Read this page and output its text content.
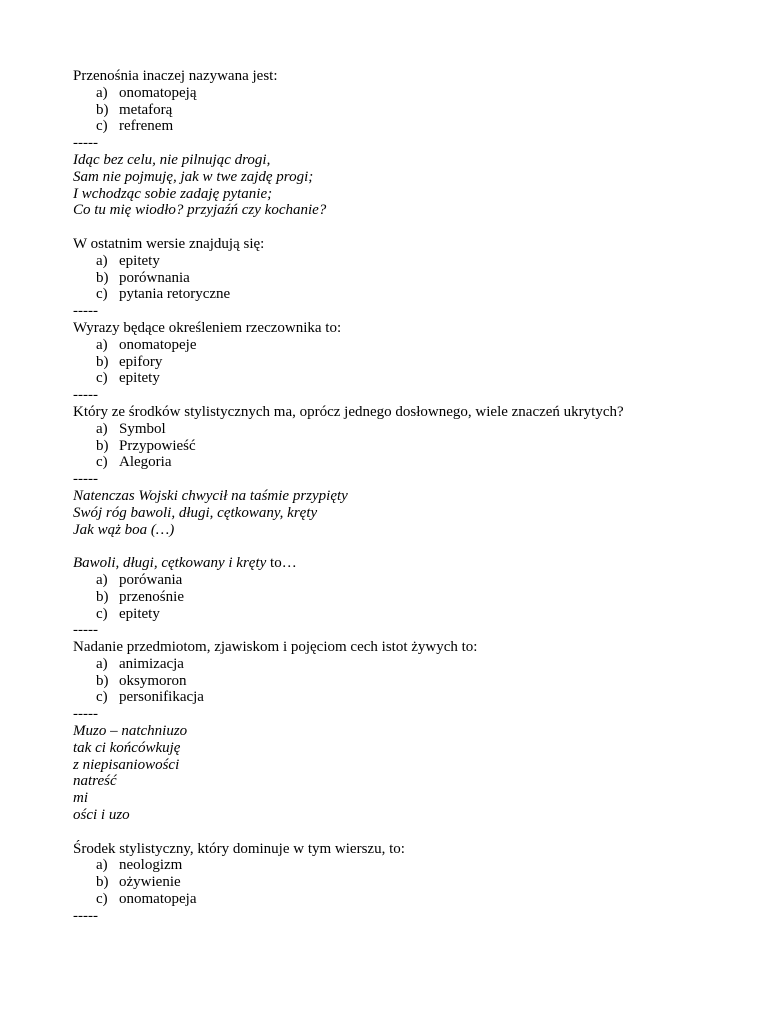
Przenośnia inaczej nazywana jest:
a) onomatopeją
b) metaforą
c) refrenem
-----
Idąc bez celu, nie pilnując drogi,
Sam nie pojmuję, jak w twe zajdę progi;
I wchodząc sobie zadaję pytanie;
Co tu mię wiodło? przyjaźń czy kochanie?
W ostatnim wersie znajdują się:
a) epitety
b) porównania
c) pytania retoryczne
-----
Wyrazy będące określeniem rzeczownika to:
a) onomatopeje
b) epifory
c) epitety
-----
Który ze środków stylistycznych ma, oprócz jednego dosłownego, wiele znaczeń ukrytych?
a) Symbol
b) Przypowieść
c) Alegoria
-----
Natenczas Wojski chwycił na taśmie przypięty
Swój róg bawoli, długi, cętkowany, kręty
Jak wąż boa (…)
Bawoli, długi, cętkowany i kręty to…
a) porówania
b) przenośnie
c) epitety
-----
Nadanie przedmiotom, zjawiskom i pojęciom cech istot żywych to:
a) animizacja
b) oksymoron
c) personifikacja
-----
Muzo – natchniuzo
tak ci końcówkuję
z niepisaniowości
natreść
mi
ości i uzo
Środek stylistyczny, który dominuje w tym wierszu, to:
a) neologizm
b) ożywienie
c) onomatopeja
-----
